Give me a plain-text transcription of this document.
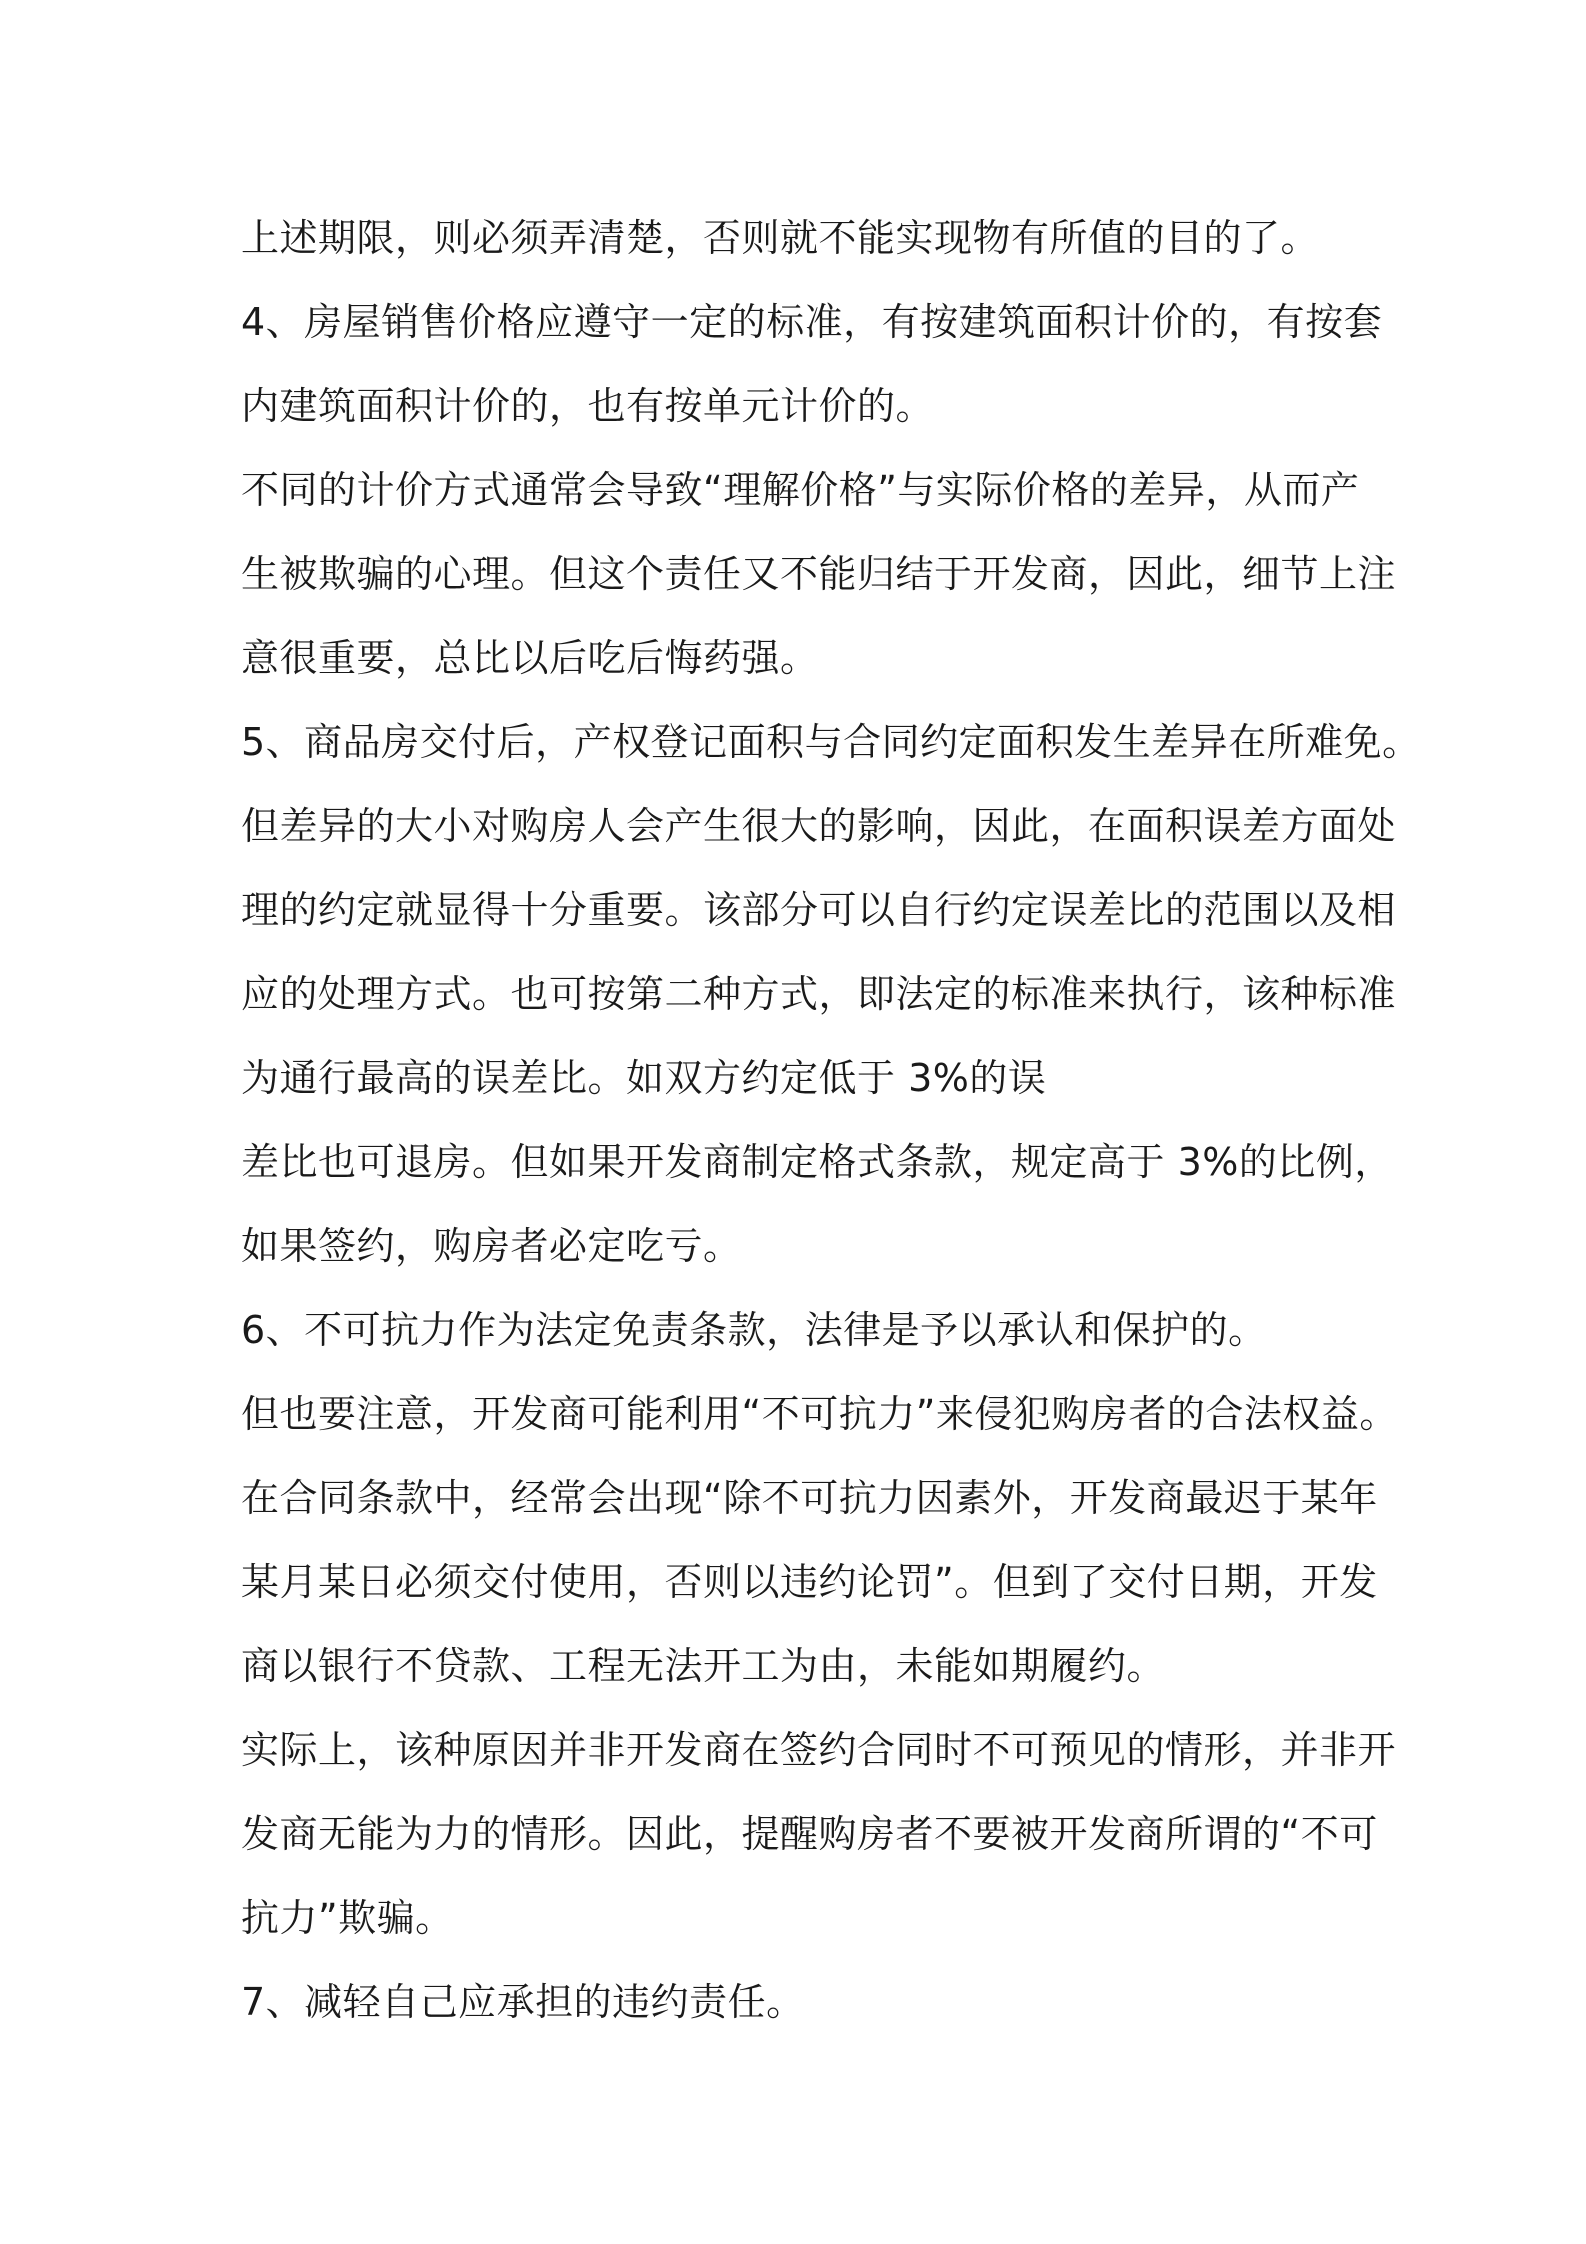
上述期限，则必须弄清楚，否则就不能实现物有所值的目的了。
4、房屋销售价格应遵守一定的标准，有按建筑面积计价的，有按套
内建筑面积计价的，也有按单元计价的。
不同的计价方式通常会导致“理解价格”与实际价格的差异，从而产
生被欺骗的心理。但这个责任又不能归结于开发商，因此，细节上注
意很重要，总比以后吃后悔药强。
5、商品房交付后，产权登记面积与合同约定面积发生差异在所难免。
但差异的大小对购房人会产生很大的影响，因此，在面积误差方面处
理的约定就显得十分重要。该部分可以自行约定误差比的范围以及相
应的处理方式。也可按第二种方式，即法定的标准来执行，该种标准
为通行最高的误差比。如双方约定低于 3%的误
差比也可退房。但如果开发商制定格式条款，规定高于 3%的比例，
如果签约，购房者必定吃亏。
6、不可抗力作为法定免责条款，法律是予以承认和保护的。
但也要注意，开发商可能利用“不可抗力”来侵犯购房者的合法权益。
在合同条款中，经常会出现“除不可抗力因素外，开发商最迟于某年
某月某日必须交付使用，否则以违约论罚”。但到了交付日期，开发
商以银行不贷款、工程无法开工为由，未能如期履约。
实际上，该种原因并非开发商在签约合同时不可预见的情形，并非开
发商无能为力的情形。因此，提醒购房者不要被开发商所谓的“不可
抗力”欺骗。
7、减轻自己应承担的违约责任。
